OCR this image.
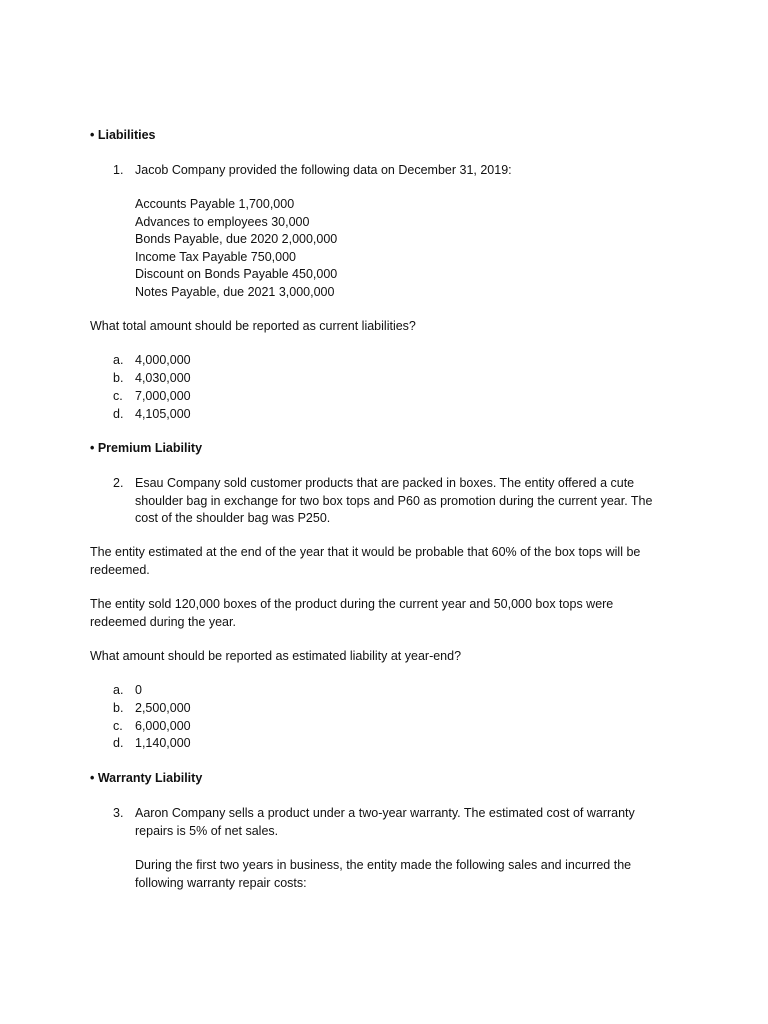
• Liabilities
1. Jacob Company provided the following data on December 31, 2019:
Accounts Payable 1,700,000
Advances to employees 30,000
Bonds Payable, due 2020 2,000,000
Income Tax Payable 750,000
Discount on Bonds Payable 450,000
Notes Payable, due 2021 3,000,000
What total amount should be reported as current liabilities?
a. 4,000,000
b. 4,030,000
c. 7,000,000
d. 4,105,000
• Premium Liability
2. Esau Company sold customer products that are packed in boxes. The entity offered a cute
shoulder bag in exchange for two box tops and P60 as promotion during the current year. The
cost of the shoulder bag was P250.
The entity estimated at the end of the year that it would be probable that 60% of the box tops will be
redeemed.
The entity sold 120,000 boxes of the product during the current year and 50,000 box tops were
redeemed during the year.
What amount should be reported as estimated liability at year-end?
a. 0
b. 2,500,000
c. 6,000,000
d. 1,140,000
• Warranty Liability
3. Aaron Company sells a product under a two-year warranty. The estimated cost of warranty
repairs is 5% of net sales.
During the first two years in business, the entity made the following sales and incurred the
following warranty repair costs:
